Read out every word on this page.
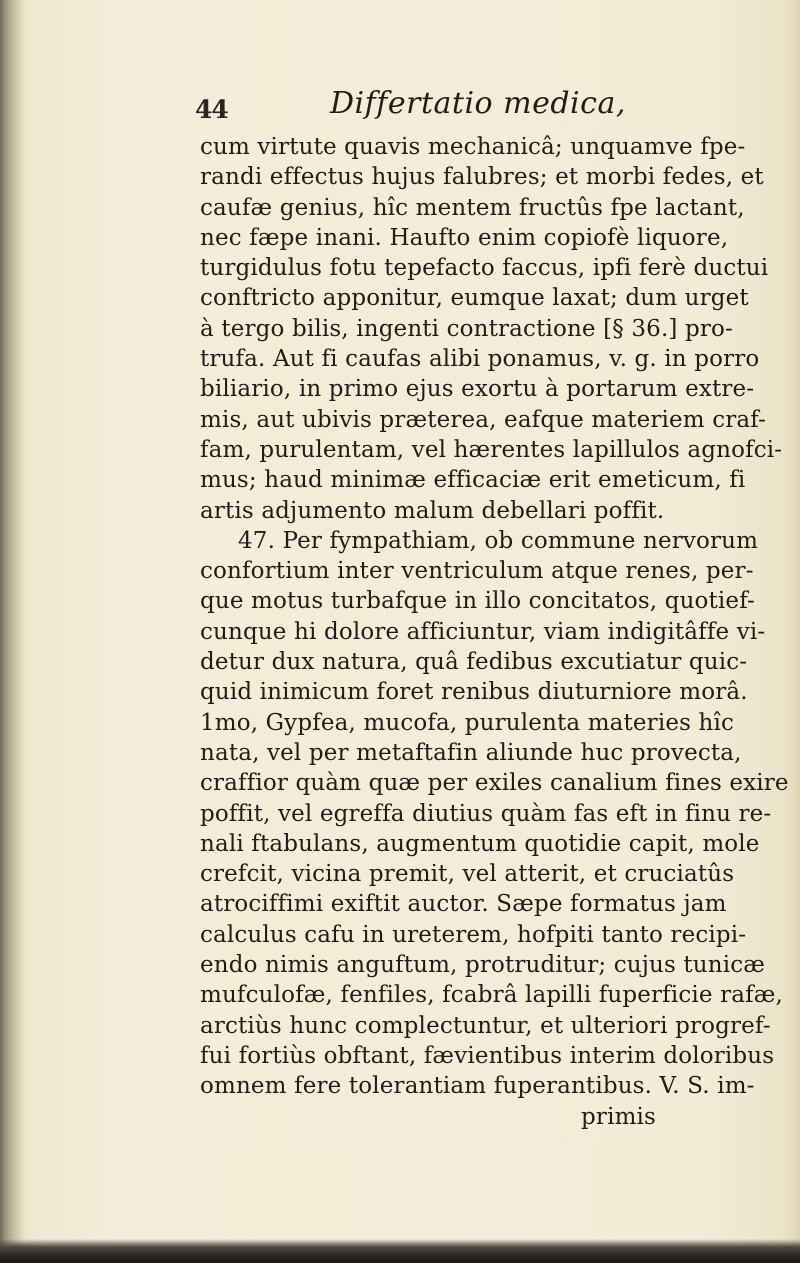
44	Differtatio medica,
cum virtute quavis mechanicâ; unquamve fpe-
randi effectus hujus falubres; et morbi fedes, et
caufæ genius, hîc mentem fructûs fpe lactant,
nec fæpe inani. Haufto enim copiofè liquore,
turgidulus fotu tepefacto faccus, ipfi ferè ductui
conftricto apponitur, eumque laxat; dum urget
à tergo bilis, ingenti contractione [§ 36.] pro-
trufa. Aut fi caufas alibi ponamus, v. g. in porro
biliario, in primo ejus exortu à portarum extre-
mis, aut ubivis præterea, eafque materiem craf-
fam, purulentam, vel hærentes lapillulos agnofci-
mus; haud minimæ efficaciæ erit emeticum, fi
artis adjumento malum debellari poffit.
47. Per fympathiam, ob commune nervorum
confortium inter ventriculum atque renes, per-
que motus turbafque in illo concitatos, quotief-
cunque hi dolore afficiuntur, viam indigitâffe vi-
detur dux natura, quâ fedibus excutiatur quic-
quid inimicum foret renibus diuturniore morâ.
1mo, Gypfea, mucofa, purulenta materies hîc
nata, vel per metaftafin aliunde huc provecta,
craffior quàm quæ per exiles canalium fines exire
poffit, vel egreffa diutius quàm fas eft in finu re-
nali ftabulans, augmentum quotidie capit, mole
crefcit, vicina premit, vel atterit, et cruciatûs
atrociffimi exiftit auctor. Sæpe formatus jam
calculus cafu in ureterem, hofpiti tanto recipi-
endo nimis anguftum, protruditur; cujus tunicæ
mufculofæ, fenfiles, fcabrâ lapilli fuperficie rafæ,
arctiùs hunc complectuntur, et ulteriori progref-
fui fortiùs obftant, fævientibus interim doloribus
omnem fere tolerantiam fuperantibus. V. S. im-
primis
